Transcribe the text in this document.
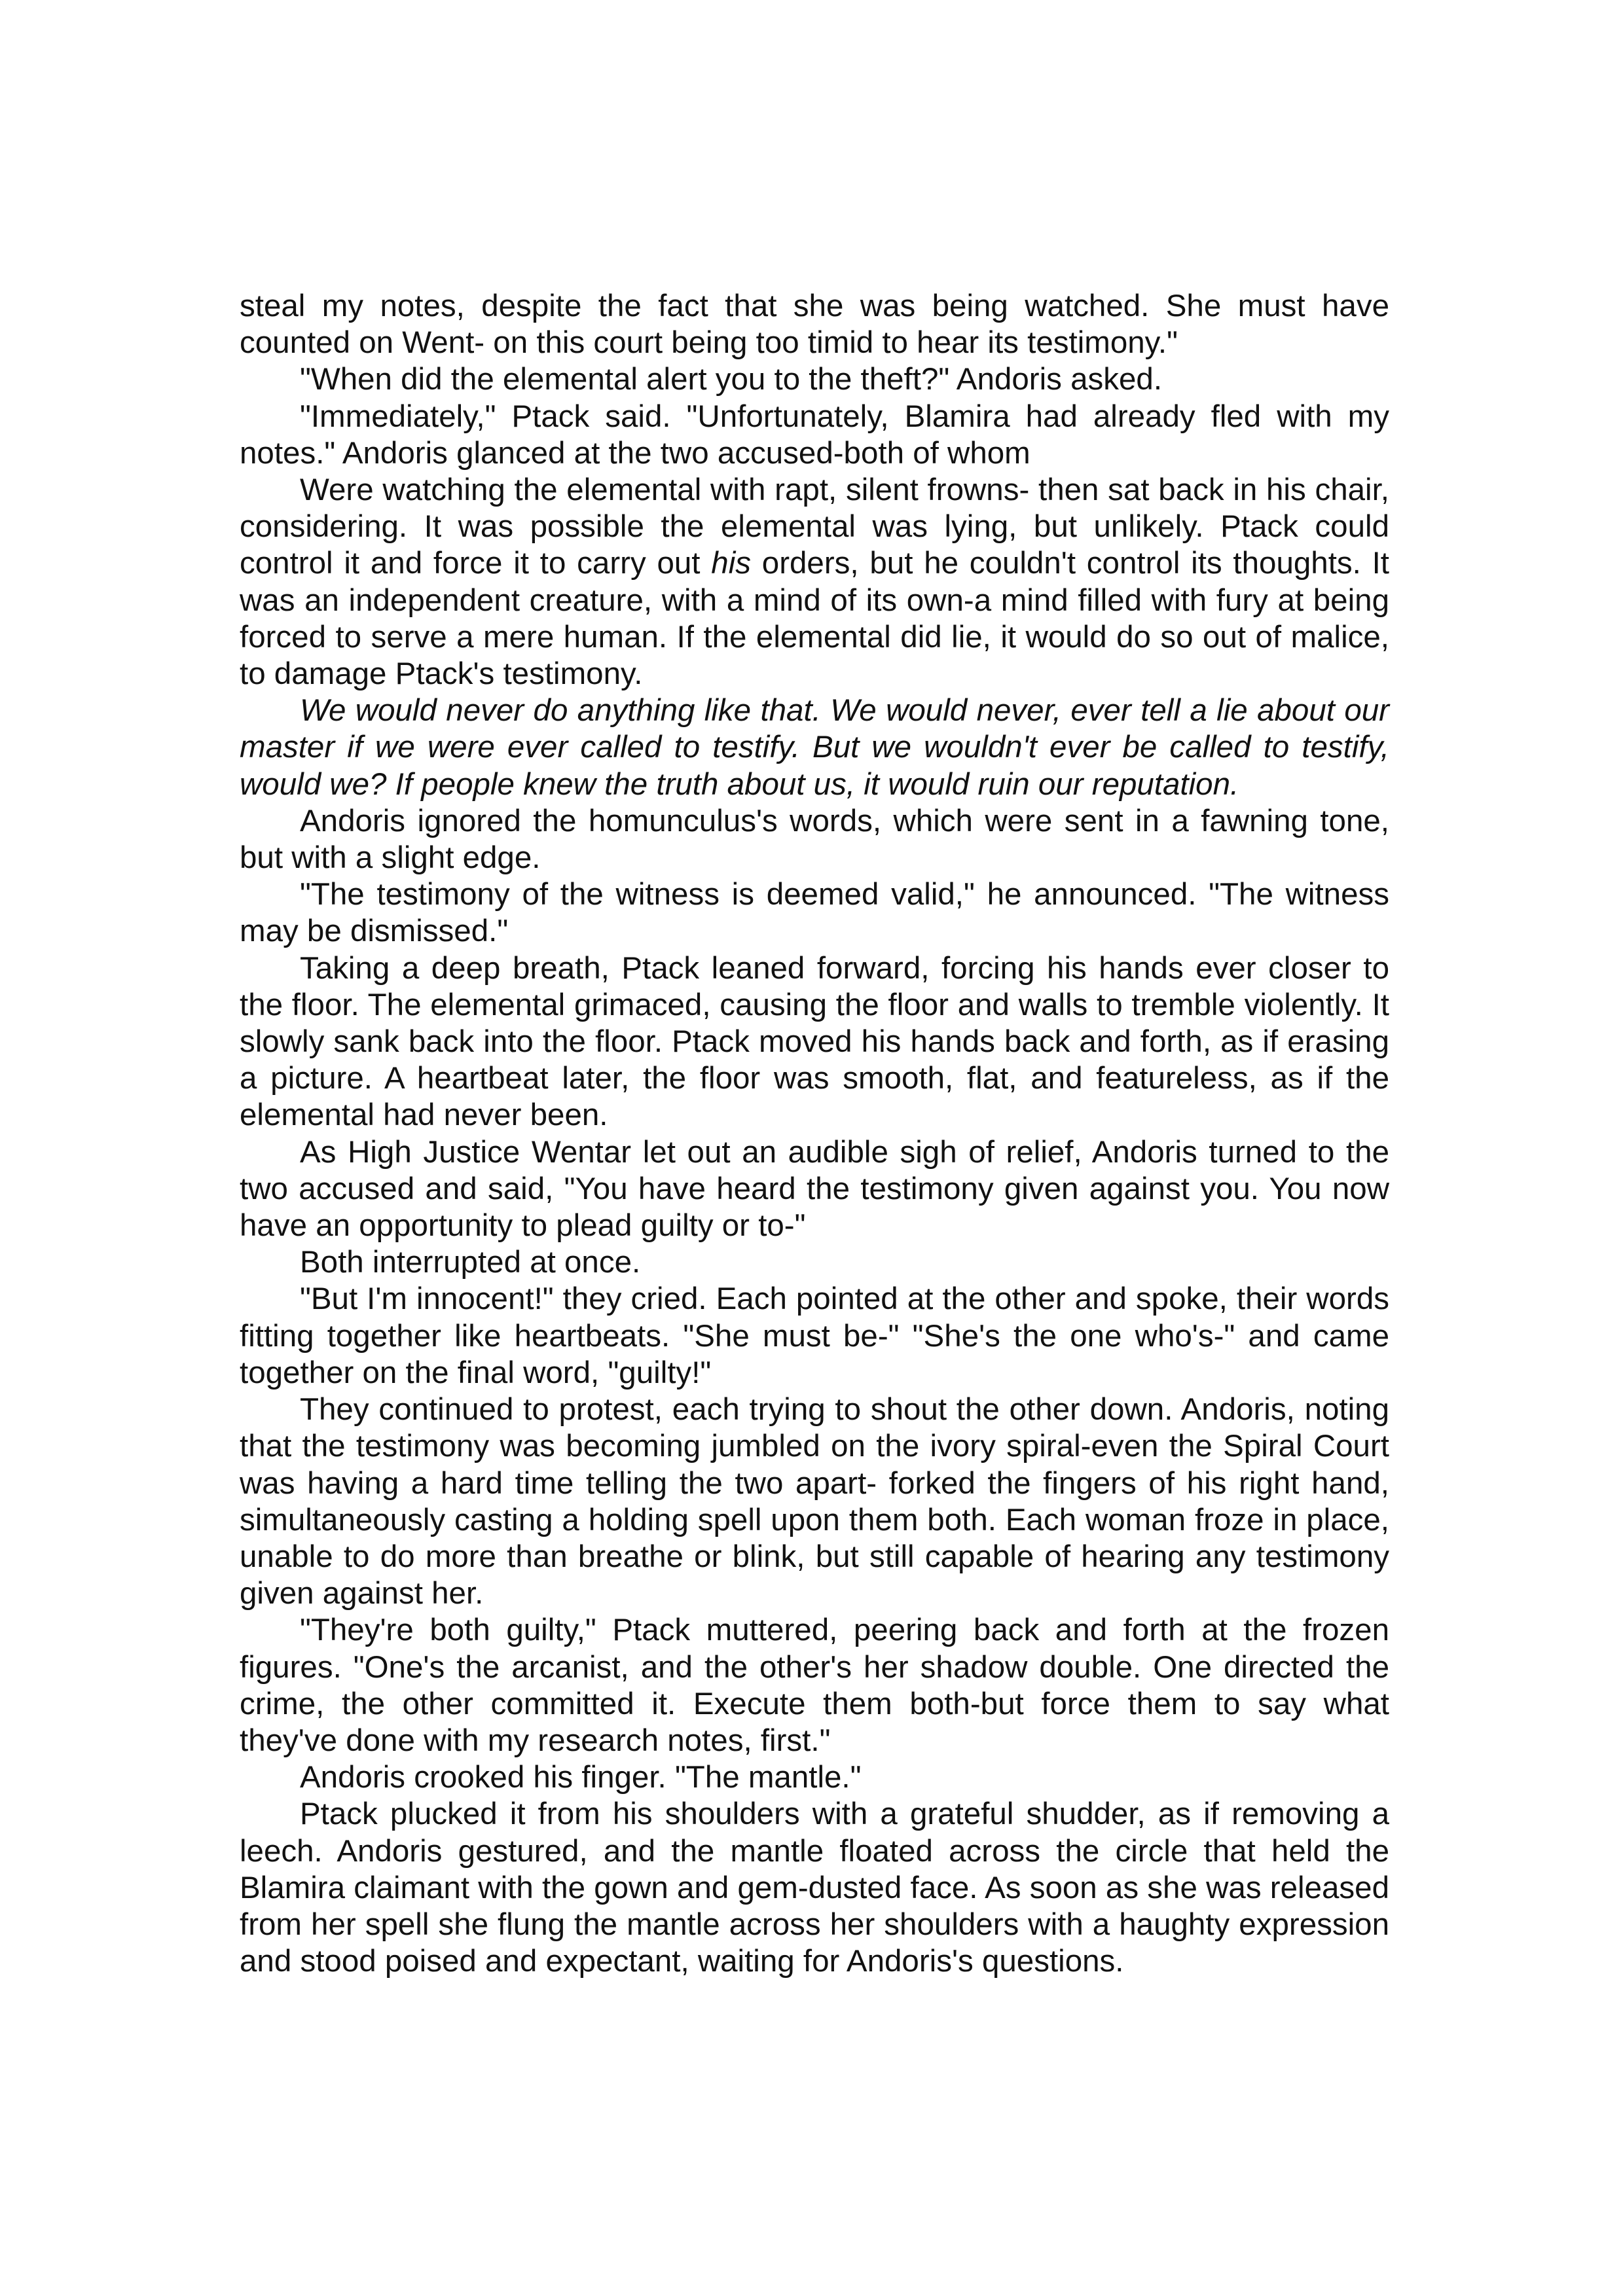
steal my notes, despite the fact that she was being watched. She must have counted on Went- on this court being too timid to hear its testimony."

"When did the elemental alert you to the theft?" Andoris asked.

"Immediately," Ptack said. "Unfortunately, Blamira had already fled with my notes." Andoris glanced at the two accused-both of whom

Were watching the elemental with rapt, silent frowns- then sat back in his chair, considering. It was possible the elemental was lying, but unlikely. Ptack could control it and force it to carry out his orders, but he couldn't control its thoughts. It was an independent creature, with a mind of its own-a mind filled with fury at being forced to serve a mere human. If the elemental did lie, it would do so out of malice, to damage Ptack's testimony.

We would never do anything like that. We would never, ever tell a lie about our master if we were ever called to testify. But we wouldn't ever be called to testify, would we? If people knew the truth about us, it would ruin our reputation.

Andoris ignored the homunculus's words, which were sent in a fawning tone, but with a slight edge.

"The testimony of the witness is deemed valid," he announced. "The witness may be dismissed."

Taking a deep breath, Ptack leaned forward, forcing his hands ever closer to the floor. The elemental grimaced, causing the floor and walls to tremble violently. It slowly sank back into the floor. Ptack moved his hands back and forth, as if erasing a picture. A heartbeat later, the floor was smooth, flat, and featureless, as if the elemental had never been.

As High Justice Wentar let out an audible sigh of relief, Andoris turned to the two accused and said, "You have heard the testimony given against you. You now have an opportunity to plead guilty or to-"

Both interrupted at once.

"But I'm innocent!" they cried. Each pointed at the other and spoke, their words fitting together like heartbeats. "She must be-" "She's the one who's-" and came together on the final word, "guilty!"

They continued to protest, each trying to shout the other down. Andoris, noting that the testimony was becoming jumbled on the ivory spiral-even the Spiral Court was having a hard time telling the two apart- forked the fingers of his right hand, simultaneously casting a holding spell upon them both. Each woman froze in place, unable to do more than breathe or blink, but still capable of hearing any testimony given against her.

"They're both guilty," Ptack muttered, peering back and forth at the frozen figures. "One's the arcanist, and the other's her shadow double. One directed the crime, the other committed it. Execute them both-but force them to say what they've done with my research notes, first."

Andoris crooked his finger. "The mantle."

Ptack plucked it from his shoulders with a grateful shudder, as if removing a leech. Andoris gestured, and the mantle floated across the circle that held the Blamira claimant with the gown and gem-dusted face. As soon as she was released from her spell she flung the mantle across her shoulders with a haughty expression and stood poised and expectant, waiting for Andoris's questions.
